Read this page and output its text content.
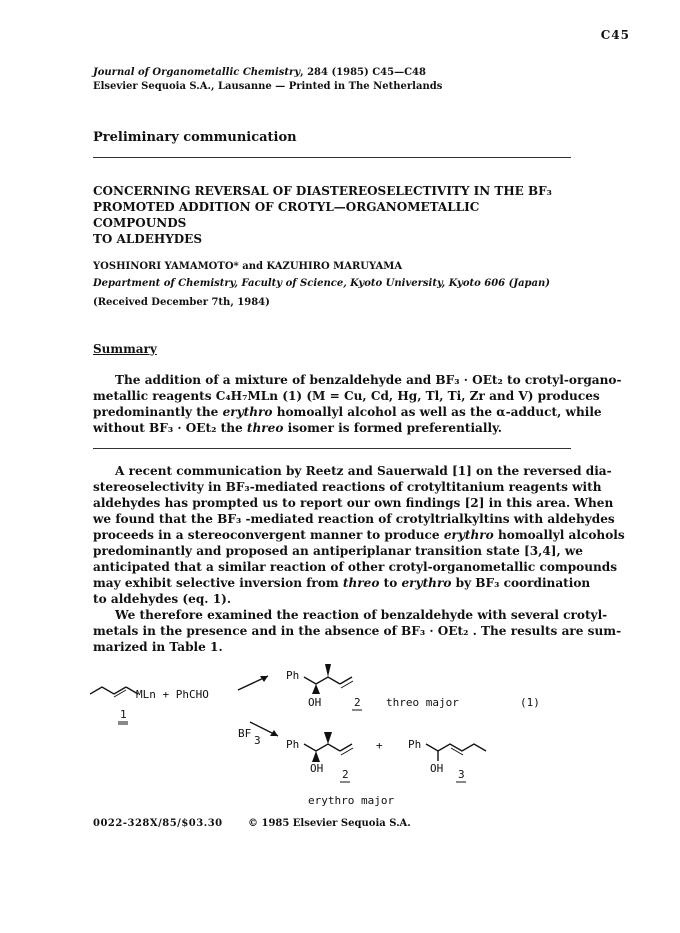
C45
Journal of Organometallic Chemistry, 284 (1985) C45—C48
Elsevier Sequoia S.A., Lausanne — Printed in The Netherlands
Preliminary communication
CONCERNING REVERSAL OF DIASTEREOSELECTIVITY IN THE BF₃
PROMOTED ADDITION OF CROTYL—ORGANOMETALLIC COMPOUNDS
TO ALDEHYDES
YOSHINORI YAMAMOTO* and KAZUHIRO MARUYAMA
Department of Chemistry, Faculty of Science, Kyoto University, Kyoto 606 (Japan)
(Received December 7th, 1984)
Summary
The addition of a mixture of benzaldehyde and BF₃ · OEt₂ to crotyl-organo-
metallic reagents C₄H₇MLn (1) (M = Cu, Cd, Hg, Tl, Ti, Zr and V) produces
predominantly the erythro homoallyl alcohol as well as the α-adduct, while
without BF₃ · OEt₂ the threo isomer is formed preferentially.
A recent communication by Reetz and Sauerwald [1] on the reversed dia-
stereoselectivity in BF₃-mediated reactions of crotyltitanium reagents with
aldehydes has prompted us to report our own findings [2] in this area. When
we found that the BF₃ -mediated reaction of crotyltrialkyltins with aldehydes
proceeds in a stereoconvergent manner to produce erythro homoallyl alcohols
predominantly and proposed an antiperiplanar transition state [3,4], we
anticipated that a similar reaction of other crotyl-organometallic compounds
may exhibit selective inversion from threo to erythro by BF₃ coordination
to aldehydes (eq. 1).
We therefore examined the reaction of benzaldehyde with several crotyl-
metals in the presence and in the absence of BF₃ · OEt₂ . The results are sum-
marized in Table 1.
MLn + PhCHO
1
BF
3
Ph
OH	2 threo major	(1)
Ph
OH 2
+ Ph
OH 3
erythro major
0022-328X/85/$03.30	© 1985 Elsevier Sequoia S.A.
